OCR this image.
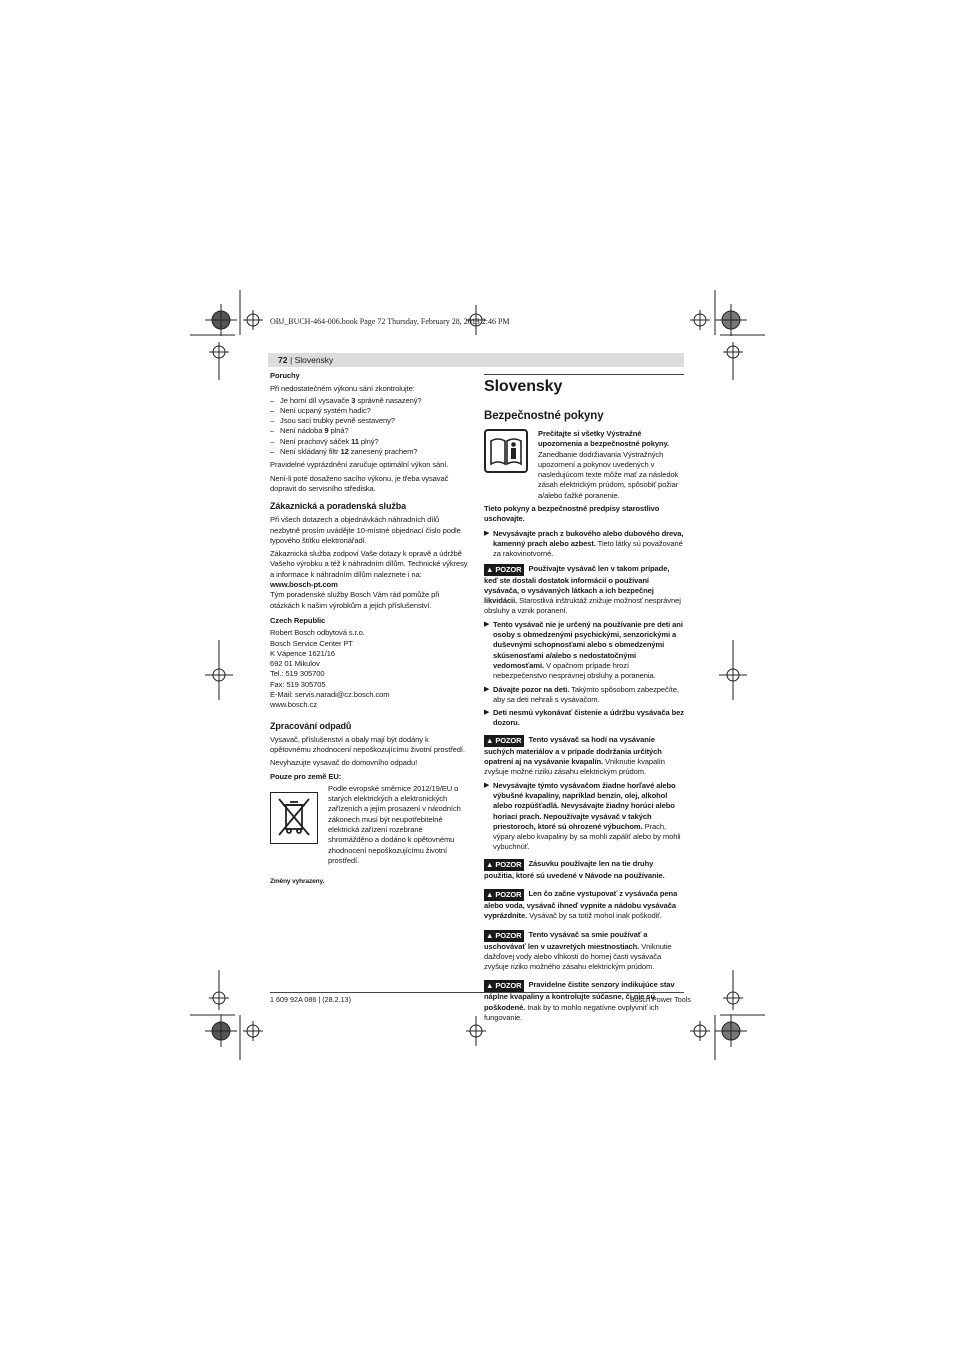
OBJ_BUCH-464-006.book Page 72 Thursday, February 28, 2013 2:46 PM
72 | Slovensky
Poruchy

Při nedostatečném výkonu sání zkontrolujte:

– Je horní díl vysavače 3 správně nasazený?
– Není ucpaný systém hadic?
– Jsou sací trubky pevně sestaveny?
– Není nádoba 9 plná?
– Není prachový sáček 11 plný?
– Není skládaný filtr 12 zanesený prachem?

Pravidelné vyprázdnění zaručuje optimální výkon sání.

Není-li poté dosaženo sacího výkonu, je třeba vysavač dopravit do servisního střediska.

Zákaznická a poradenská služba

Při všech dotazech a objednávkách náhradních dílů nezbytně prosím uvádějte 10-místné objednací číslo podle typového štítku elektronářadí.

Zákaznická služba zodpoví Vaše dotazy k opravě a údržbě Vašeho výrobku a též k náhradním dílům. Technické výkresy a informace k náhradním dílům naleznete i na:

www.bosch-pt.com

Tým poradenské služby Bosch Vám rád pomůže při otázkách k našim výrobkům a jejich příslušenství.

Czech Republic
Robert Bosch odbytová s.r.o.
Bosch Service Center PT
K Vápence 1621/16
692 01 Mikulov
Tel.: 519 305700
Fax: 519 305705
E-Mail: servis.naradi@cz.bosch.com
www.bosch.cz
Zpracování odpadů

Vysavač, příslušenství a obaly mají být dodány k opětovnému zhodnocení nepoškozujícímu životní prostředí.

Nevyhazujte vysavač do domovního odpadu!

Pouze pro země EU:

Podle evropské směrnice 2012/19/EU o starých elektrických a elektronických zařízeních a jejím prosazení v národních zákonech musí být neupotřebitelné elektrická zařízení rozebrané shromážděno a dodáno k opětovnému zhodnocení nepoškozujícímu životní prostředí.

Změny vyhrazeny.
Slovensky
Bezpečnostné pokyny

Prečítajte si všetky Výstražné upozornenia a bezpečnostné pokyny. Zanedbanie dodržiavania Výstražných upozornení a pokynov uvedených v nasledujúcom texte môže mať za následok zásah elektrickým prúdom, spôsobiť požiar a/alebo ťažké poranenie.

Tieto pokyny a bezpečnostné predpisy starostlivo uschovajte.
▶ Nevysávajte prach z bukového alebo dubového dreva, kamenný prach alebo azbest. Tieto látky sú považované za rakovinotvorné.
▲ POZOR Používajte vysávač len v takom prípade, keď ste dostali dostatok informácií o používaní vysávača, o vysávaných látkach a ich bezpečnej likvidácii. Starostlivá inštruktáž znižuje možnosť nesprávnej obsluhy a vznik poranení.
▶ Tento vysávač nie je určený na používanie pre deti ani osoby s obmedzenými psychickými, senzorickými a duševnými schopnosťami alebo s obmedzenými skúsenosťami a/alebo s nedostatočnými vedomosťami. V opačnom prípade hrozí nebezpečenstvo nesprávnej obsluhy a poranenia.
▶ Dávajte pozor na deti. Takýmto spôsobom zabezpečíte, aby sa deti nehrali s vysávačom.
▶ Deti nesmú vykonávať čistenie a údržbu vysávača bez dozoru.
▲ POZOR Tento vysávač sa hodí na vysávanie suchých materiálov a v prípade dodržania určitých opatrení aj na vysávanie kvapalín. Vniknutie kvapalín zvyšuje možné riziku zásahu elektrickým prúdom.
▶ Nevysávajte týmto vysávačom žiadne horľavé alebo výbušné kvapaliny, napríklad benzín, olej, alkohol alebo rozpúšťadlá. Nevysávajte žiadny horúci alebo horiaci prach. Nepoužívajte vysávač v takých priestoroch, ktoré sú ohrozené výbuchom. Prach, výpary alebo kvapaliny by sa mohli zapáliť alebo by mohli vybuchnúť.
▲ POZOR Zásuvku používajte len na tie druhy použitia, ktoré sú uvedené v Návode na používanie.
▲ POZOR Len čo začne vystupovať z vysávača pena alebo voda, vysávač ihneď vypnite a nádobu vysávača vyprázdnite. Vysávač by sa totiž mohol inak poškodiť.
▲ POZOR Tento vysávač sa smie používať a uschovávať len v uzavretých miestnostiach. Vniknutie dažďovej vody alebo vlhkosti do hornej časti vysávača zvyšuje riziko možného zásahu elektrickým prúdom.
▲ POZOR Pravidelne čistite senzory indikujúce stav náplne kvapaliny a kontrolujte súčasne, či nie sú poškodené. Inak by to mohlo negatívne ovplyvniť ich fungovanie.
1 609 92A 086 | (28.2.13)	Bosch Power Tools
